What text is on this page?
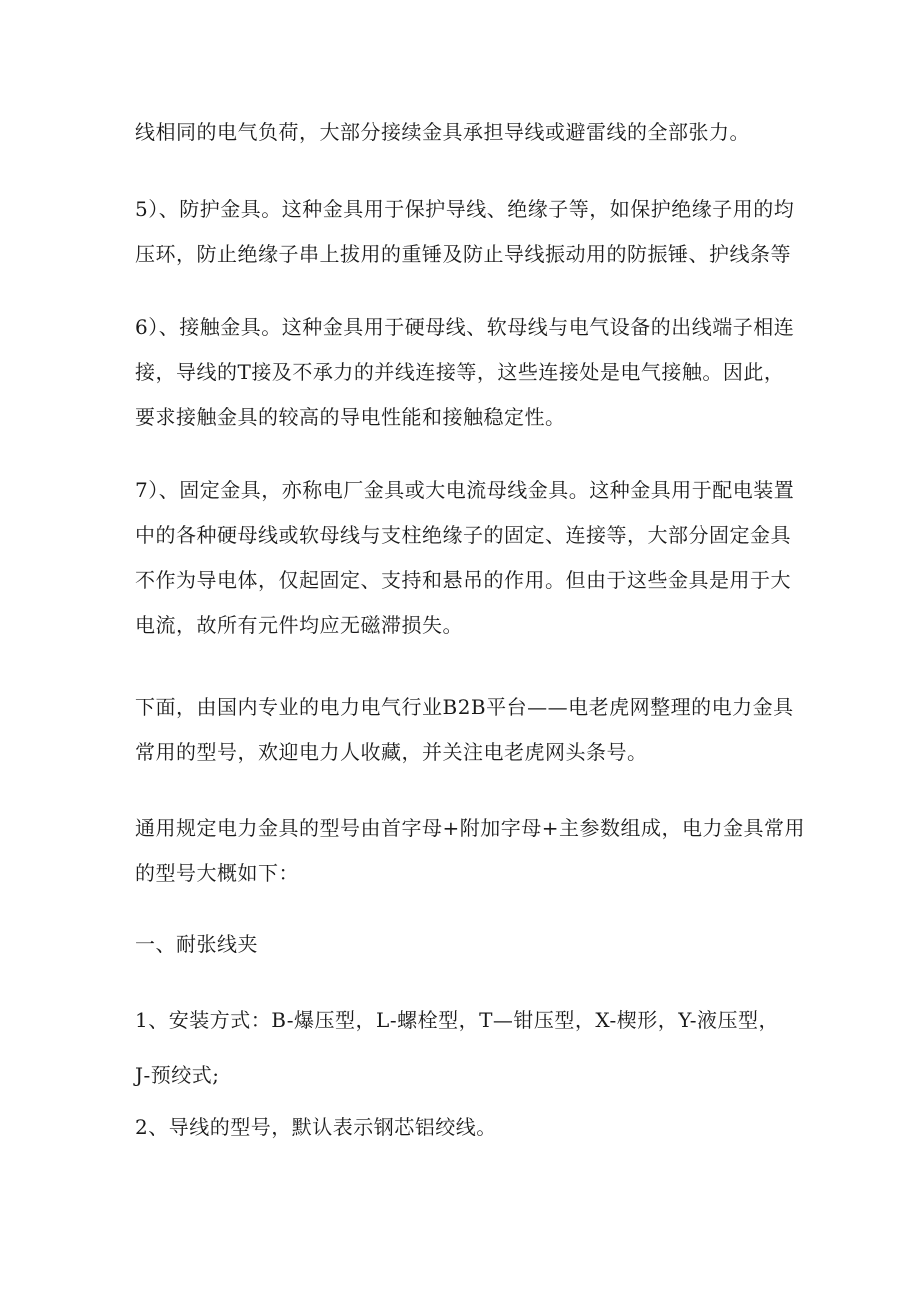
线相同的电气负荷，大部分接续金具承担导线或避雷线的全部张力。

5）、防护金具。这种金具用于保护导线、绝缘子等，如保护绝缘子用的均
压环，防止绝缘子串上拔用的重锤及防止导线振动用的防振锤、护线条等

6）、接触金具。这种金具用于硬母线、软母线与电气设备的出线端子相连
接，导线的T接及不承力的并线连接等，这些连接处是电气接触。因此，
要求接触金具的较高的导电性能和接触稳定性。

7）、固定金具，亦称电厂金具或大电流母线金具。这种金具用于配电装置
中的各种硬母线或软母线与支柱绝缘子的固定、连接等，大部分固定金具
不作为导电体，仅起固定、支持和悬吊的作用。但由于这些金具是用于大
电流，故所有元件均应无磁滞损失。

下面，由国内专业的电力电气行业B2B平台——电老虎网整理的电力金具
常用的型号，欢迎电力人收藏，并关注电老虎网头条号。

通用规定电力金具的型号由首字母+附加字母+主参数组成，电力金具常用
的型号大概如下：

一、耐张线夹

1、安装方式：B-爆压型，L-螺栓型，T—钳压型，X-楔形，Y-液压型，
J-预绞式;

2、导线的型号，默认表示钢芯铝绞线。
